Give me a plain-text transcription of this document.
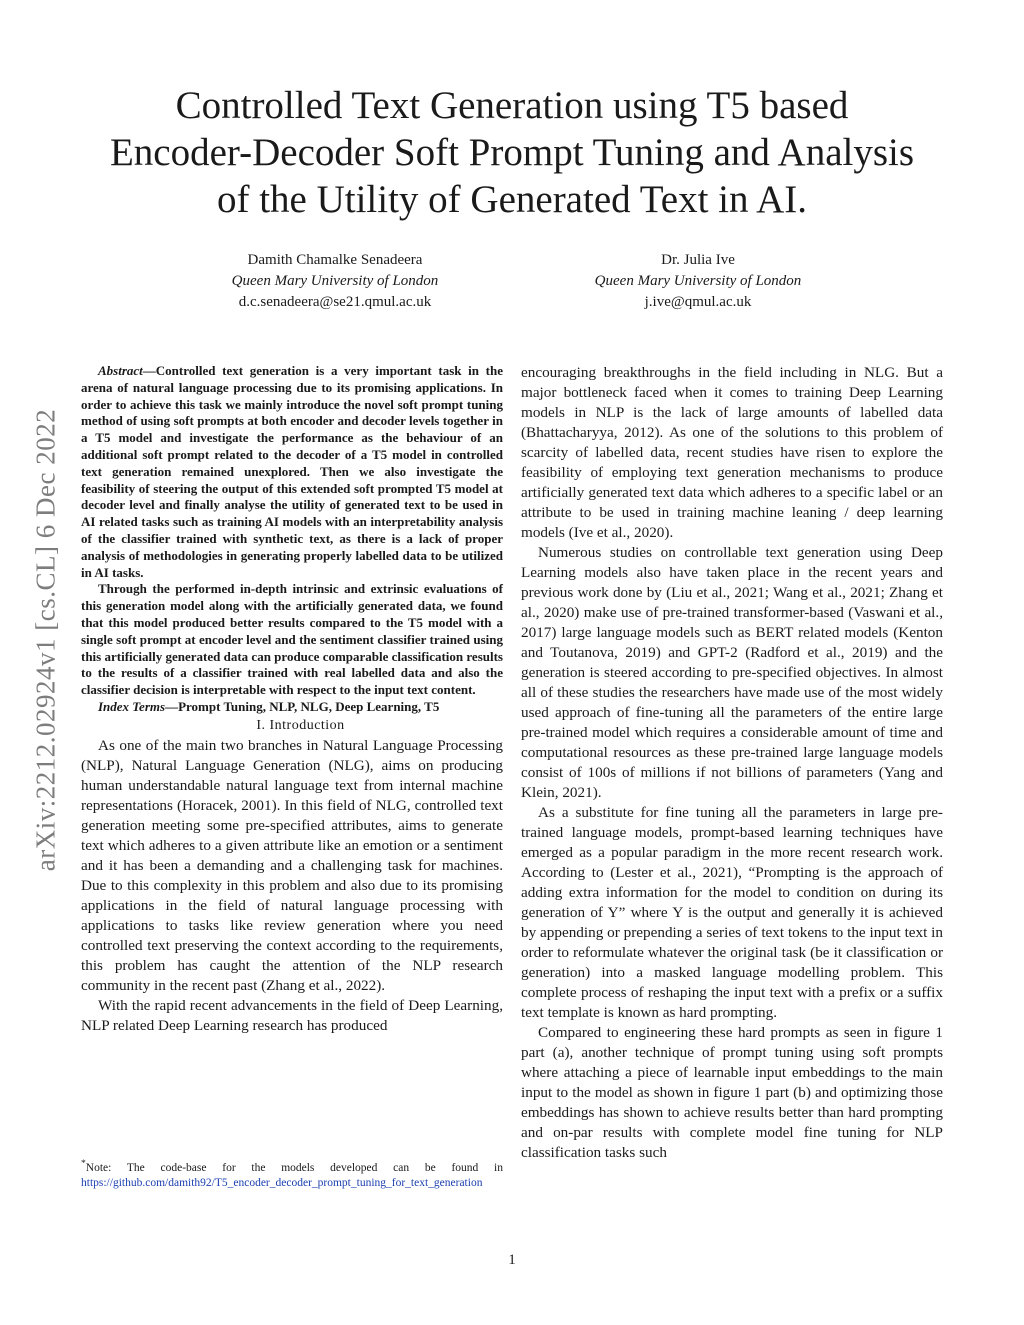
Controlled Text Generation using T5 based
Encoder-Decoder Soft Prompt Tuning and Analysis
of the Utility of Generated Text in AI.
Damith Chamalke Senadeera
Queen Mary University of London
d.c.senadeera@se21.qmul.ac.uk
Dr. Julia Ive
Queen Mary University of London
j.ive@qmul.ac.uk
arXiv:2212.02924v1 [cs.CL] 6 Dec 2022

Abstract—Controlled text generation is a very important task in the arena of natural language processing due to its promising applications. In order to achieve this task we mainly introduce the novel soft prompt tuning method of using soft prompts at both encoder and decoder levels together in a T5 model and investigate the performance as the behaviour of an additional soft prompt related to the decoder of a T5 model in controlled text generation remained unexplored. Then we also investigate the feasibility of steering the output of this extended soft prompted T5 model at decoder level and finally analyse the utility of generated text to be used in AI related tasks such as training AI models with an interpretability analysis of the classifier trained with synthetic text, as there is a lack of proper analysis of methodologies in generating properly labelled data to be utilized in AI tasks.

Through the performed in-depth intrinsic and extrinsic evaluations of this generation model along with the artificially generated data, we found that this model produced better results compared to the T5 model with a single soft prompt at encoder level and the sentiment classifier trained using this artificially generated data can produce comparable classification results to the results of a classifier trained with real labelled data and also the classifier decision is interpretable with respect to the input text content.

Index Terms—Prompt Tuning, NLP, NLG, Deep Learning, T5

I. Introduction

As one of the main two branches in Natural Language Processing (NLP), Natural Language Generation (NLG), aims on producing human understandable natural language text from internal machine representations (Horacek, 2001). In this field of NLG, controlled text generation meeting some pre-specified attributes, aims to generate text which adheres to a given attribute like an emotion or a sentiment and it has been a demanding and a challenging task for machines. Due to this complexity in this problem and also due to its promising applications in the field of natural language processing with applications to tasks like review generation where you need controlled text preserving the context according to the requirements, this problem has caught the attention of the NLP research community in the recent past (Zhang et al., 2022).

With the rapid recent advancements in the field of Deep Learning, NLP related Deep Learning research has produced

encouraging breakthroughs in the field including in NLG. But a major bottleneck faced when it comes to training Deep Learning models in NLP is the lack of large amounts of labelled data (Bhattacharyya, 2012). As one of the solutions to this problem of scarcity of labelled data, recent studies have risen to explore the feasibility of employing text generation mechanisms to produce artificially generated text data which adheres to a specific label or an attribute to be used in training machine leaning / deep learning models (Ive et al., 2020).

Numerous studies on controllable text generation using Deep Learning models also have taken place in the recent years and previous work done by (Liu et al., 2021; Wang et al., 2021; Zhang et al., 2020) make use of pre-trained transformer-based (Vaswani et al., 2017) large language models such as BERT related models (Kenton and Toutanova, 2019) and GPT-2 (Radford et al., 2019) and the generation is steered according to pre-specified objectives. In almost all of these studies the researchers have made use of the most widely used approach of fine-tuning all the parameters of the entire large pre-trained model which requires a considerable amount of time and computational resources as these pre-trained large language models consist of 100s of millions if not billions of parameters (Yang and Klein, 2021).

As a substitute for fine tuning all the parameters in large pre-trained language models, prompt-based learning techniques have emerged as a popular paradigm in the more recent research work. According to (Lester et al., 2021), “Prompting is the approach of adding extra information for the model to condition on during its generation of Y” where Y is the output and generally it is achieved by appending or prepending a series of text tokens to the input text in order to reformulate whatever the original task (be it classification or generation) into a masked language modelling problem. This complete process of reshaping the input text with a prefix or a suffix text template is known as hard prompting.

Compared to engineering these hard prompts as seen in figure 1 part (a), another technique of prompt tuning using soft prompts where attaching a piece of learnable input embeddings to the main input to the model as shown in figure 1 part (b) and optimizing those embeddings has shown to achieve results better than hard prompting and on-par results with complete model fine tuning for NLP classification tasks such

*Note: The code-base for the models developed can be found in https://github.com/damith92/T5_encoder_decoder_prompt_tuning_for_text_generation
1
